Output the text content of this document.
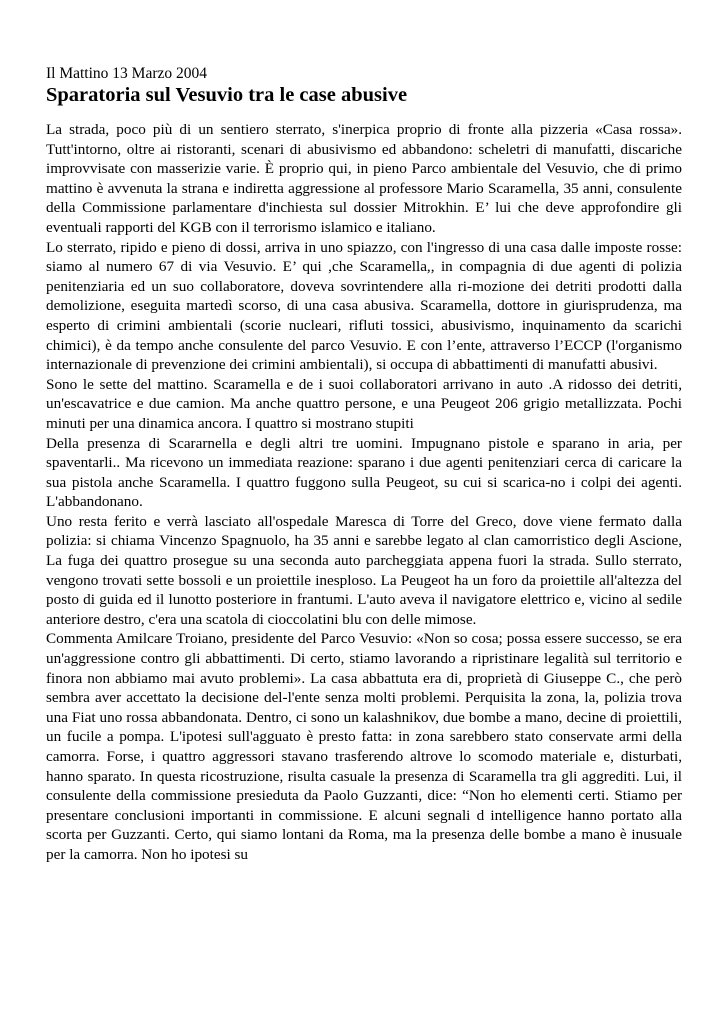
Il Mattino 13 Marzo 2004
Sparatoria sul Vesuvio tra le case abusive

La strada, poco più di un sentiero sterrato, s'inerpica proprio di fronte alla pizzeria «Casa rossa». Tutt'intorno, oltre ai ristoranti, scenari di abusivismo ed abbandono: scheletri di manufatti, discariche improvvisate con masserizie varie. È proprio qui, in pieno Parco ambientale del Vesuvio, che di primo mattino è avvenuta la strana e indiretta aggressione al professore Mario Scaramella, 35 anni, consulente della Commissione parlamentare d'inchiesta sul dossier Mitrokhin. E’ lui che deve approfondire gli eventuali rapporti del KGB con il terrorismo islamico e italiano.

Lo sterrato, ripido e pieno di dossi, arriva in uno spiazzo, con l'ingresso di una casa dalle imposte rosse: siamo al numero 67 di via Vesuvio. E’ qui ,che Scaramella,, in compagnia di due agenti di polizia penitenziaria ed un suo collaboratore, doveva sovrintendere alla ri-mozione dei detriti prodotti dalla demolizione, eseguita martedì scorso, di una casa abusiva. Scaramella, dottore in giurisprudenza, ma esperto di crimini ambientali (scorie nucleari, rifluti tossici, abusivismo, inquinamento da scarichi chimici), è da tempo anche consulente del parco Vesuvio. E con l’ente, attraverso l’ECCP (l'organismo internazionale di prevenzione dei crimini ambientali), si occupa di abbattimenti di manufatti abusivi.

Sono le sette del mattino. Scaramella e de i suoi collaboratori arrivano in auto .A ridosso dei detriti, un'escavatrice e due camion. Ma anche quattro persone, e una Peugeot 206 grigio metallizzata. Pochi minuti per una dinamica ancora. I quattro si mostrano stupiti

Della presenza di Scararnella e degli altri tre uomini. Impugnano pistole e sparano in aria, per spaventarli.. Ma ricevono un immediata reazione: sparano i due agenti penitenziari cerca di caricare la sua pistola anche Scaramella. I quattro fuggono sulla Peugeot, su cui si scarica-no i colpi dei agenti. L'abbandonano.

Uno resta ferito e verrà lasciato all'ospedale Maresca di Torre del Greco, dove viene fermato dalla polizia: si chiama Vincenzo Spagnuolo, ha 35 anni e sarebbe legato al clan camorristico degli Ascione, La fuga dei quattro prosegue su una seconda auto parcheggiata appena fuori la strada. Sullo sterrato, vengono trovati sette bossoli e un proiettile inesploso. La Peugeot ha un foro da proiettile all'altezza del posto di guida ed il lunotto posteriore in frantumi. L'auto aveva il navigatore elettrico e, vicino al sedile anteriore destro, c'era una scatola di cioccolatini blu con delle mimose.

Commenta Amilcare Troiano, presidente del Parco Vesuvio: «Non so cosa; possa essere successo, se era un'aggressione contro gli abbattimenti. Di certo, stiamo lavorando a ripristinare legalità sul territorio e finora non abbiamo mai avuto problemi». La casa abbattuta era di, proprietà di Giuseppe C., che però sembra aver accettato la decisione del-l'ente senza molti problemi. Perquisita la zona, la, polizia trova una Fiat uno rossa abbandonata. Dentro, ci sono un kalashnikov, due bombe a mano, decine di proiettili, un fucile a pompa. L'ipotesi sull'agguato è presto fatta: in zona sarebbero stato conservate armi della camorra. Forse, i quattro aggressori stavano trasferendo altrove lo scomodo materiale e, disturbati, hanno sparato. In questa ricostruzione, risulta casuale la presenza di Scaramella tra gli aggrediti. Lui, il consulente della commissione presieduta da Paolo Guzzanti, dice: “Non ho elementi certi. Stiamo per presentare conclusioni importanti in commissione. E alcuni segnali d intelligence hanno portato alla scorta per Guzzanti. Certo, qui siamo lontani da Roma, ma la presenza delle bombe a mano è inusuale per la camorra. Non ho ipotesi su
